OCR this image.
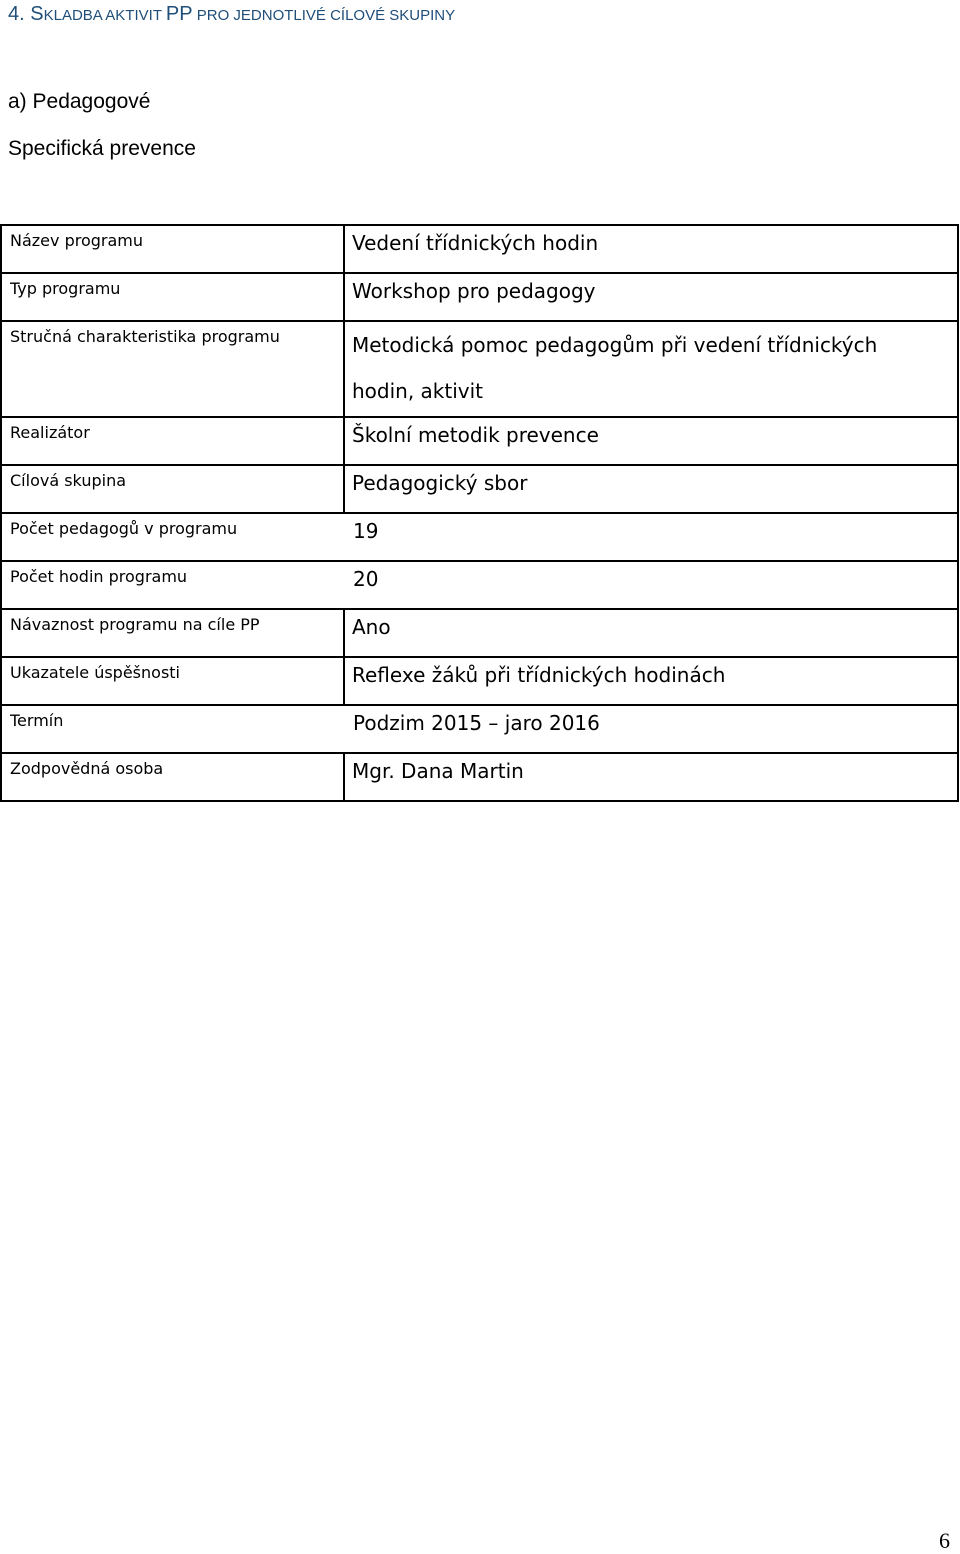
4. SKLADBA AKTIVIT PP PRO JEDNOTLIVÉ CÍLOVÉ SKUPINY
a) Pedagogové
Specifická prevence
Název programu	Vedení třídnických hodin
Typ programu	Workshop pro pedagogy
Stručná charakteristika programu	Metodická pomoc pedagogům při vedení třídnických
hodin, aktivit
Realizátor	Školní metodik prevence
Cílová skupina	Pedagogický sbor
Počet pedagogů v programu	19
Počet hodin programu	20
Návaznost programu na cíle PP	Ano
Ukazatele úspěšnosti	Reflexe žáků při třídnických hodinách
Termín	Podzim 2015 – jaro 2016
Zodpovědná osoba	Mgr. Dana Martin
6
